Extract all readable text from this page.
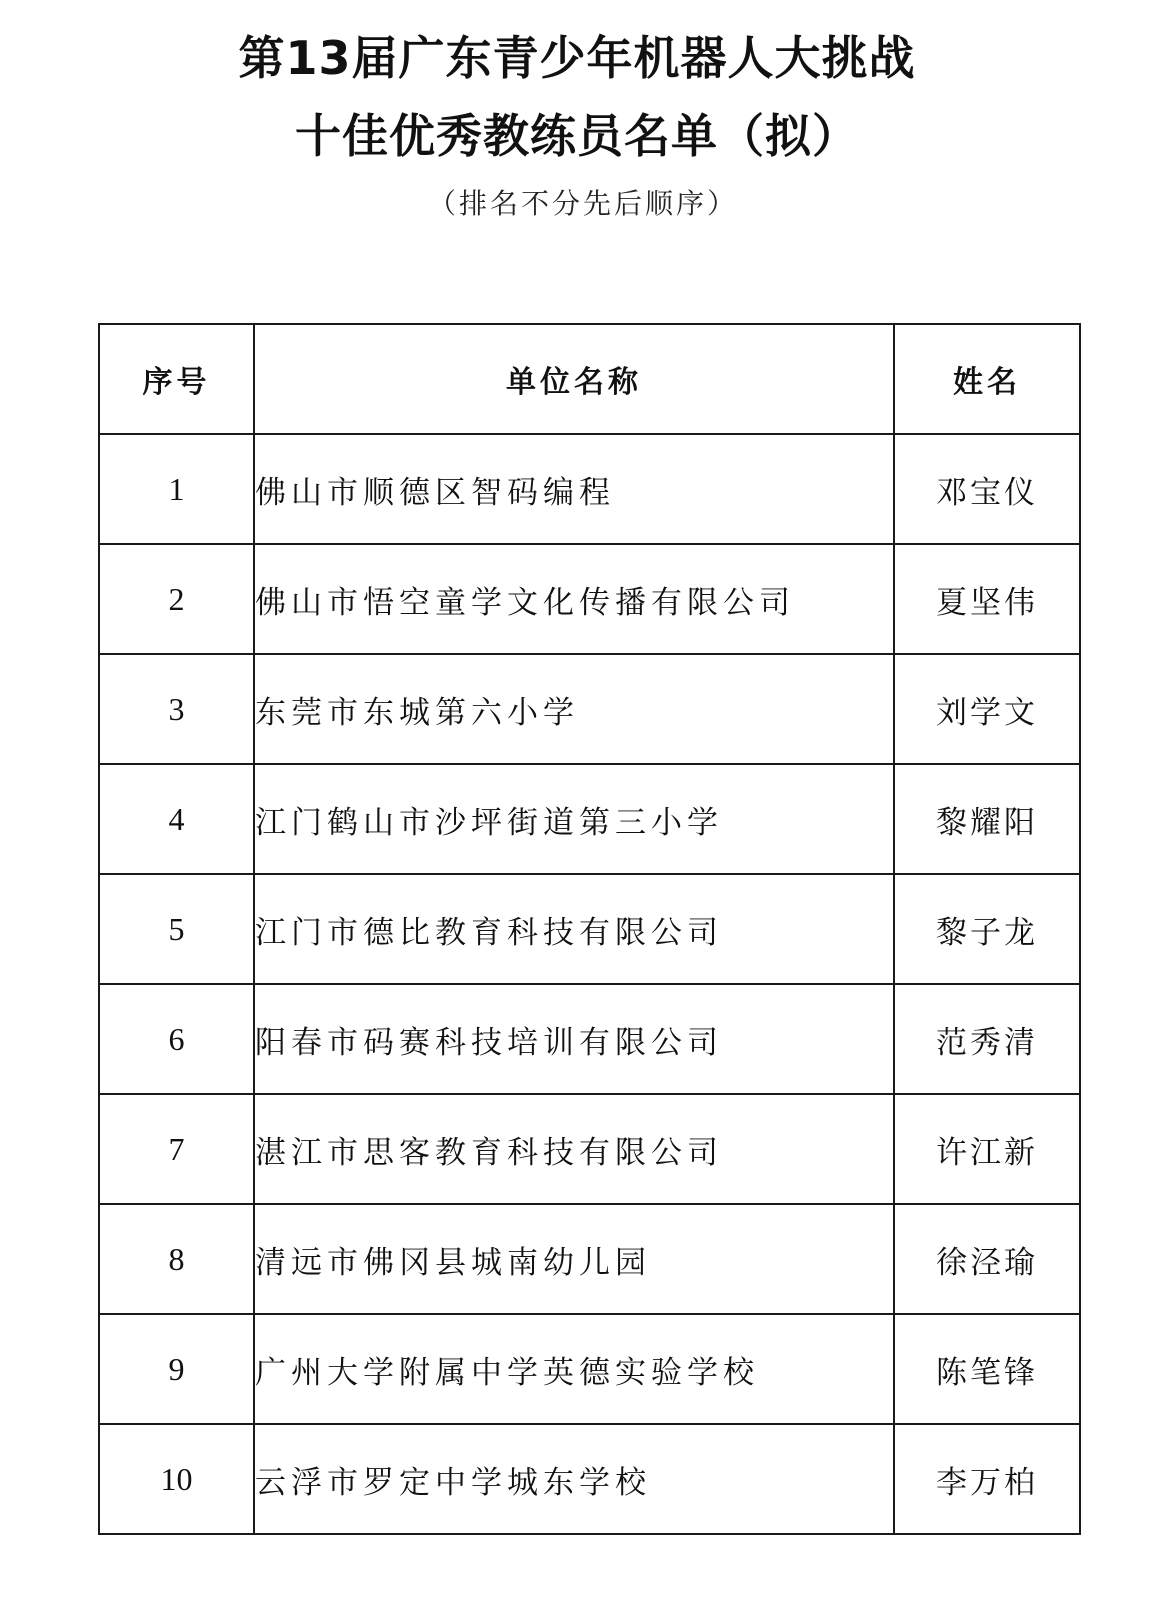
第13届广东青少年机器人大挑战
十佳优秀教练员名单（拟）
（排名不分先后顺序）
序号	单位名称	姓名
1	佛山市顺德区智码编程	邓宝仪
2	佛山市悟空童学文化传播有限公司	夏坚伟
3	东莞市东城第六小学	刘学文
4	江门鹤山市沙坪街道第三小学	黎耀阳
5	江门市德比教育科技有限公司	黎子龙
6	阳春市码赛科技培训有限公司	范秀清
7	湛江市思客教育科技有限公司	许江新
8	清远市佛冈县城南幼儿园	徐泾瑜
9	广州大学附属中学英德实验学校	陈笔锋
10	云浮市罗定中学城东学校	李万柏
